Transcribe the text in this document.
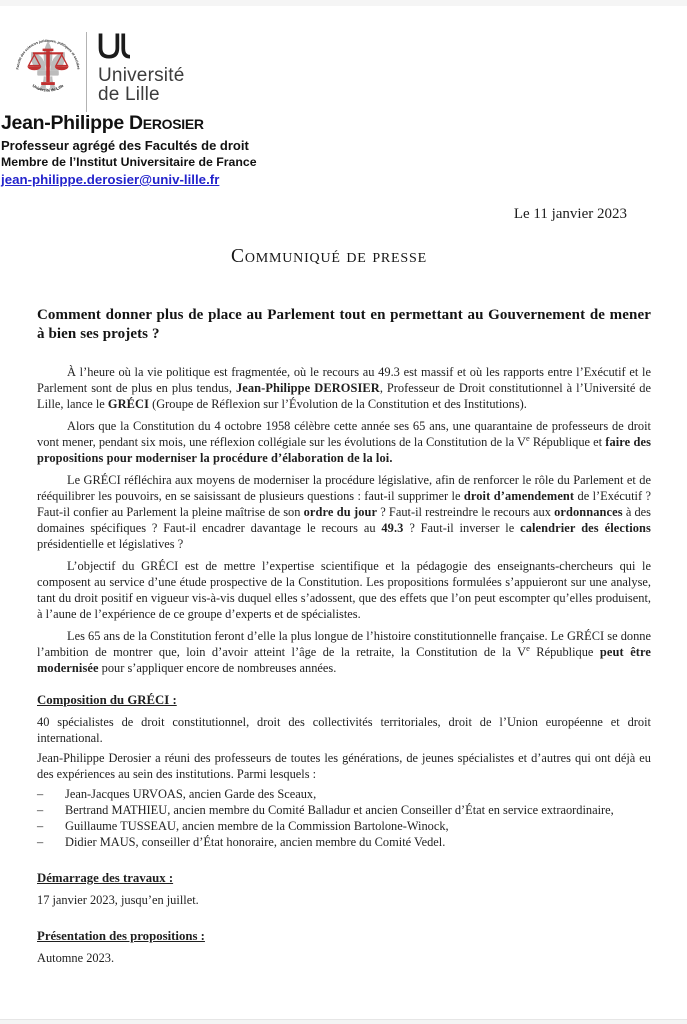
Faculté des sciences juridiques, politiques et sociales
Université de Lille Université
de Lille
Jean-Philippe Derosier
Professeur agrégé des Facultés de droit
Membre de l’Institut Universitaire de France
jean-philippe.derosier@univ-lille.fr
Le 11 janvier 2023
Communiqué de presse
Comment donner plus de place au Parlement tout en permettant au Gouvernement de mener à bien ses projets ?

À l’heure où la vie politique est fragmentée, où le recours au 49.3 est massif et où les rapports entre l’Exécutif et le Parlement sont de plus en plus tendus, Jean-Philippe DEROSIER, Professeur de Droit constitutionnel à l’Université de Lille, lance le GRÉCI (Groupe de Réflexion sur l’Évolution de la Constitution et des Institutions).

Alors que la Constitution du 4 octobre 1958 célèbre cette année ses 65 ans, une quarantaine de professeurs de droit vont mener, pendant six mois, une réflexion collégiale sur les évolutions de la Constitution de la Ve République et faire des propositions pour moderniser la procédure d’élaboration de la loi.

Le GRÉCI réfléchira aux moyens de moderniser la procédure législative, afin de renforcer le rôle du Parlement et de rééquilibrer les pouvoirs, en se saisissant de plusieurs questions : faut-il supprimer le droit d’amendement de l’Exécutif ? Faut-il confier au Parlement la pleine maîtrise de son ordre du jour ? Faut-il restreindre le recours aux ordonnances à des domaines spécifiques ? Faut-il encadrer davantage le recours au 49.3 ? Faut-il inverser le calendrier des élections présidentielle et législatives ?

L’objectif du GRÉCI est de mettre l’expertise scientifique et la pédagogie des enseignants-chercheurs qui le composent au service d’une étude prospective de la Constitution. Les propositions formulées s’appuieront sur une analyse, tant du droit positif en vigueur vis-à-vis duquel elles s’adossent, que des effets que l’on peut escompter qu’elles produisent, à l’aune de l’expérience de ce groupe d’experts et de spécialistes.

Les 65 ans de la Constitution feront d’elle la plus longue de l’histoire constitutionnelle française. Le GRÉCI se donne l’ambition de montrer que, loin d’avoir atteint l’âge de la retraite, la Constitution de la Ve République peut être modernisée pour s’appliquer encore de nombreuses années.

Composition du GRÉCI :

40 spécialistes de droit constitutionnel, droit des collectivités territoriales, droit de l’Union européenne et droit international.

Jean-Philippe Derosier a réuni des professeurs de toutes les générations, de jeunes spécialistes et d’autres qui ont déjà eu des expériences au sein des institutions. Parmi lesquels :

– Jean-Jacques URVOAS, ancien Garde des Sceaux,
– Bertrand MATHIEU, ancien membre du Comité Balladur et ancien Conseiller d’État en service extraordinaire,
– Guillaume TUSSEAU, ancien membre de la Commission Bartolone-Winock,
– Didier MAUS, conseiller d’État honoraire, ancien membre du Comité Vedel.
Démarrage des travaux :

17 janvier 2023, jusqu’en juillet.

Présentation des propositions :

Automne 2023.
